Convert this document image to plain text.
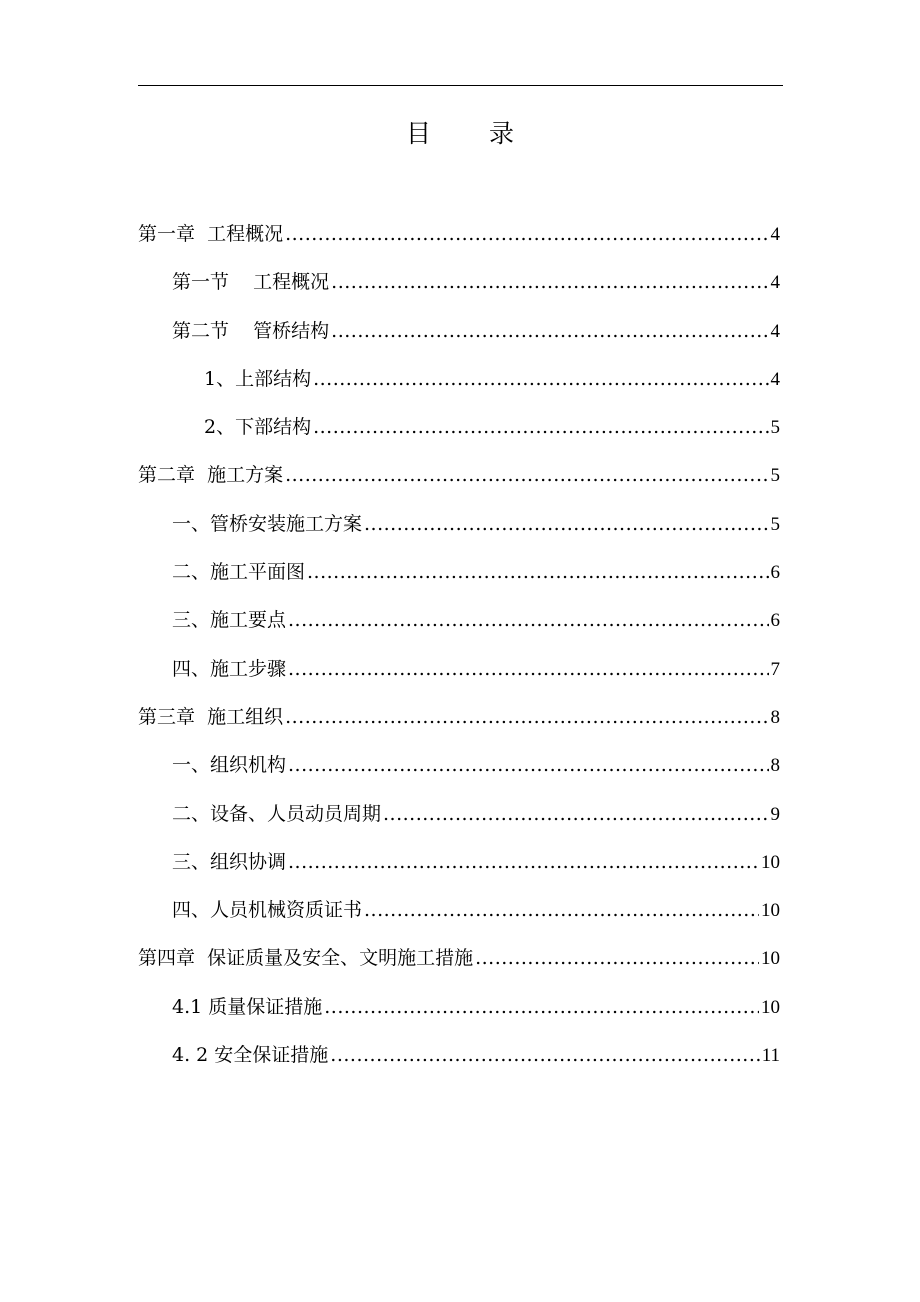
目 录
第一章  工程概况 .....	4
第一节    工程概况 .....	4
第二节    管桥结构 .....	4
1、上部结构 .....	4
2、下部结构 .....	5
第二章  施工方案 .....	5
一、管桥安装施工方案 .....	5
二、施工平面图 .....	6
三、施工要点 .....	6
四、施工步骤 .....	7
第三章  施工组织 .....	8
一、组织机构 .....	8
二、设备、人员动员周期 .....	9
三、组织协调 .....	10
四、人员机械资质证书 .....	10
第四章  保证质量及安全、文明施工措施 .....	10
4.1 质量保证措施 .....	10
4. 2 安全保证措施 .....	11
